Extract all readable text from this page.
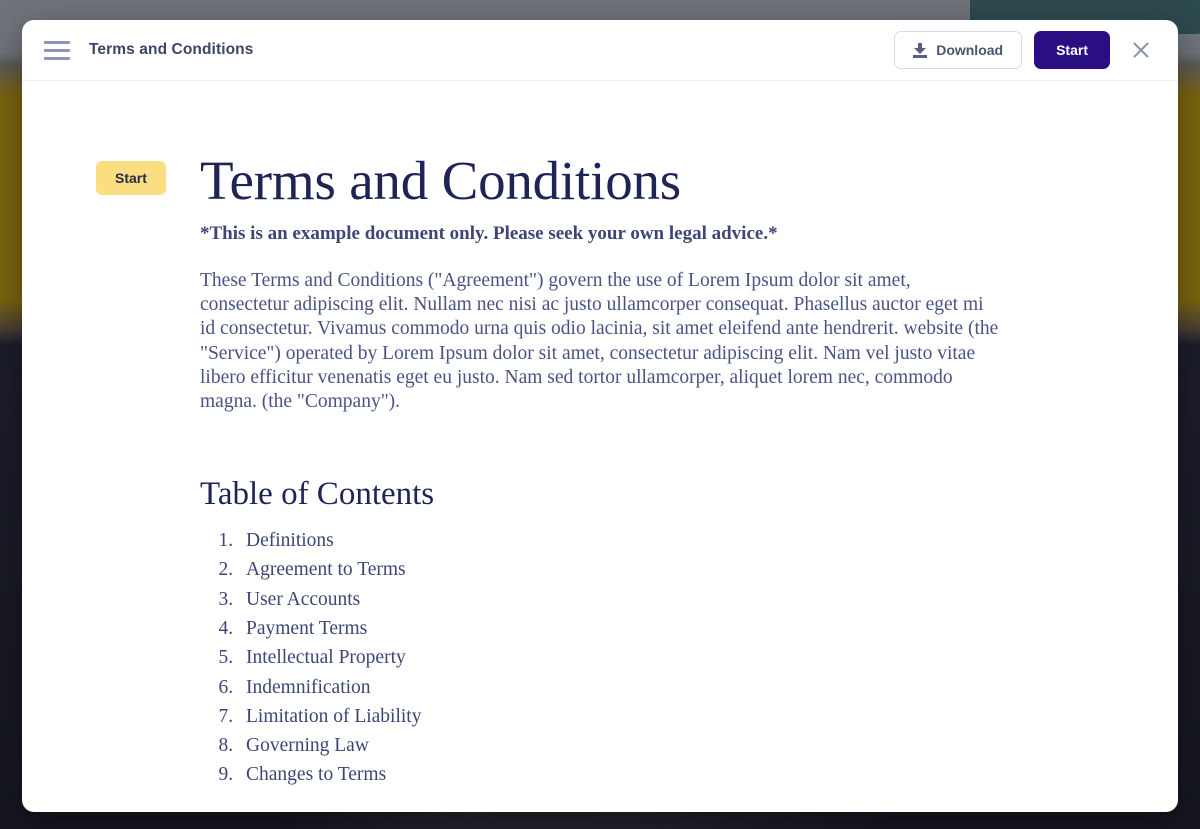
Terms and Conditions	Download	Start
Start Terms and Conditions

*This is an example document only. Please seek your own legal advice.*

These Terms and Conditions ("Agreement") govern the use of Lorem Ipsum dolor sit amet, consectetur adipiscing elit. Nullam nec nisi ac justo ullamcorper consequat. Phasellus auctor eget mi id consectetur. Vivamus commodo urna quis odio lacinia, sit amet eleifend ante hendrerit. website (the "Service") operated by Lorem Ipsum dolor sit amet, consectetur adipiscing elit. Nam vel justo vitae libero efficitur venenatis eget eu justo. Nam sed tortor ullamcorper, aliquet lorem nec, commodo magna. (the "Company").

Table of Contents
1. Definitions
2. Agreement to Terms
3. User Accounts
4. Payment Terms
5. Intellectual Property
6. Indemnification
7. Limitation of Liability
8. Governing Law
9. Changes to Terms
